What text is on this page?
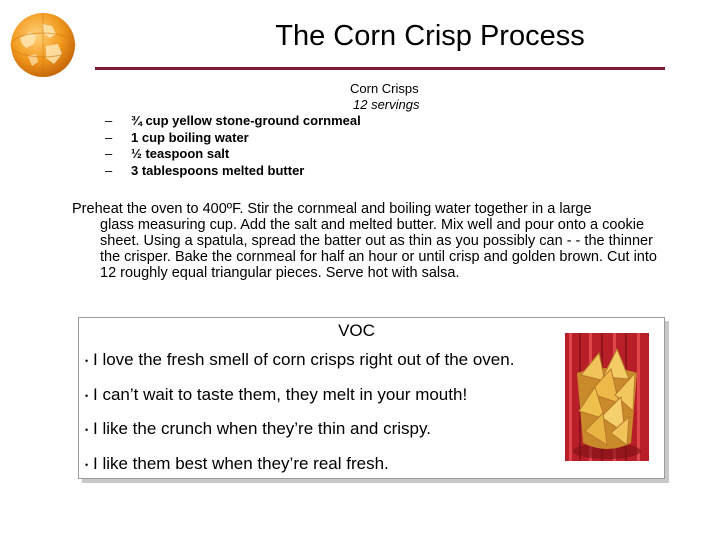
The Corn Crisp Process
Corn Crisps
12 servings
–	¾ cup yellow stone-ground cornmeal
–	1 cup boiling water
–	½ teaspoon salt
–	3 tablespoons melted butter

Preheat the oven to 400ºF. Stir the cornmeal and boiling water together in a large
glass measuring cup. Add the salt and melted butter. Mix well and pour onto a cookie sheet. Using a spatula, spread the batter out as thin as you possibly can - - the thinner the crisper. Bake the cornmeal for half an hour or until crisp and golden brown. Cut into 12 roughly equal triangular pieces. Serve hot with salsa.

VOC
• I love the fresh smell of corn crisps right out of the oven.
• I can’t wait to taste them, they melt in your mouth!
• I like the crunch when they’re thin and crispy.
• I like them best when they’re real fresh.
